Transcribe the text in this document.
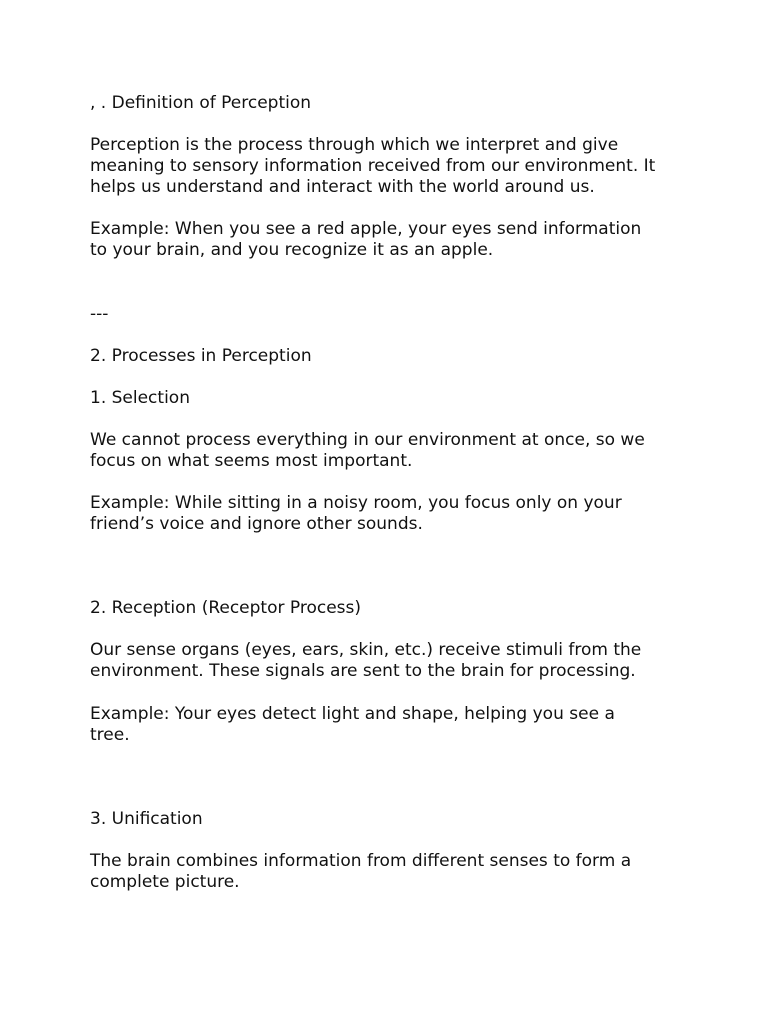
, . Definition of Perception
Perception is the process through which we interpret and give
meaning to sensory information received from our environment. It
helps us understand and interact with the world around us.
Example: When you see a red apple, your eyes send information
to your brain, and you recognize it as an apple.
---
2. Processes in Perception
1. Selection
We cannot process everything in our environment at once, so we
focus on what seems most important.
Example: While sitting in a noisy room, you focus only on your
friend’s voice and ignore other sounds.
2. Reception (Receptor Process)
Our sense organs (eyes, ears, skin, etc.) receive stimuli from the
environment. These signals are sent to the brain for processing.
Example: Your eyes detect light and shape, helping you see a
tree.
3. Unification
The brain combines information from different senses to form a
complete picture.
